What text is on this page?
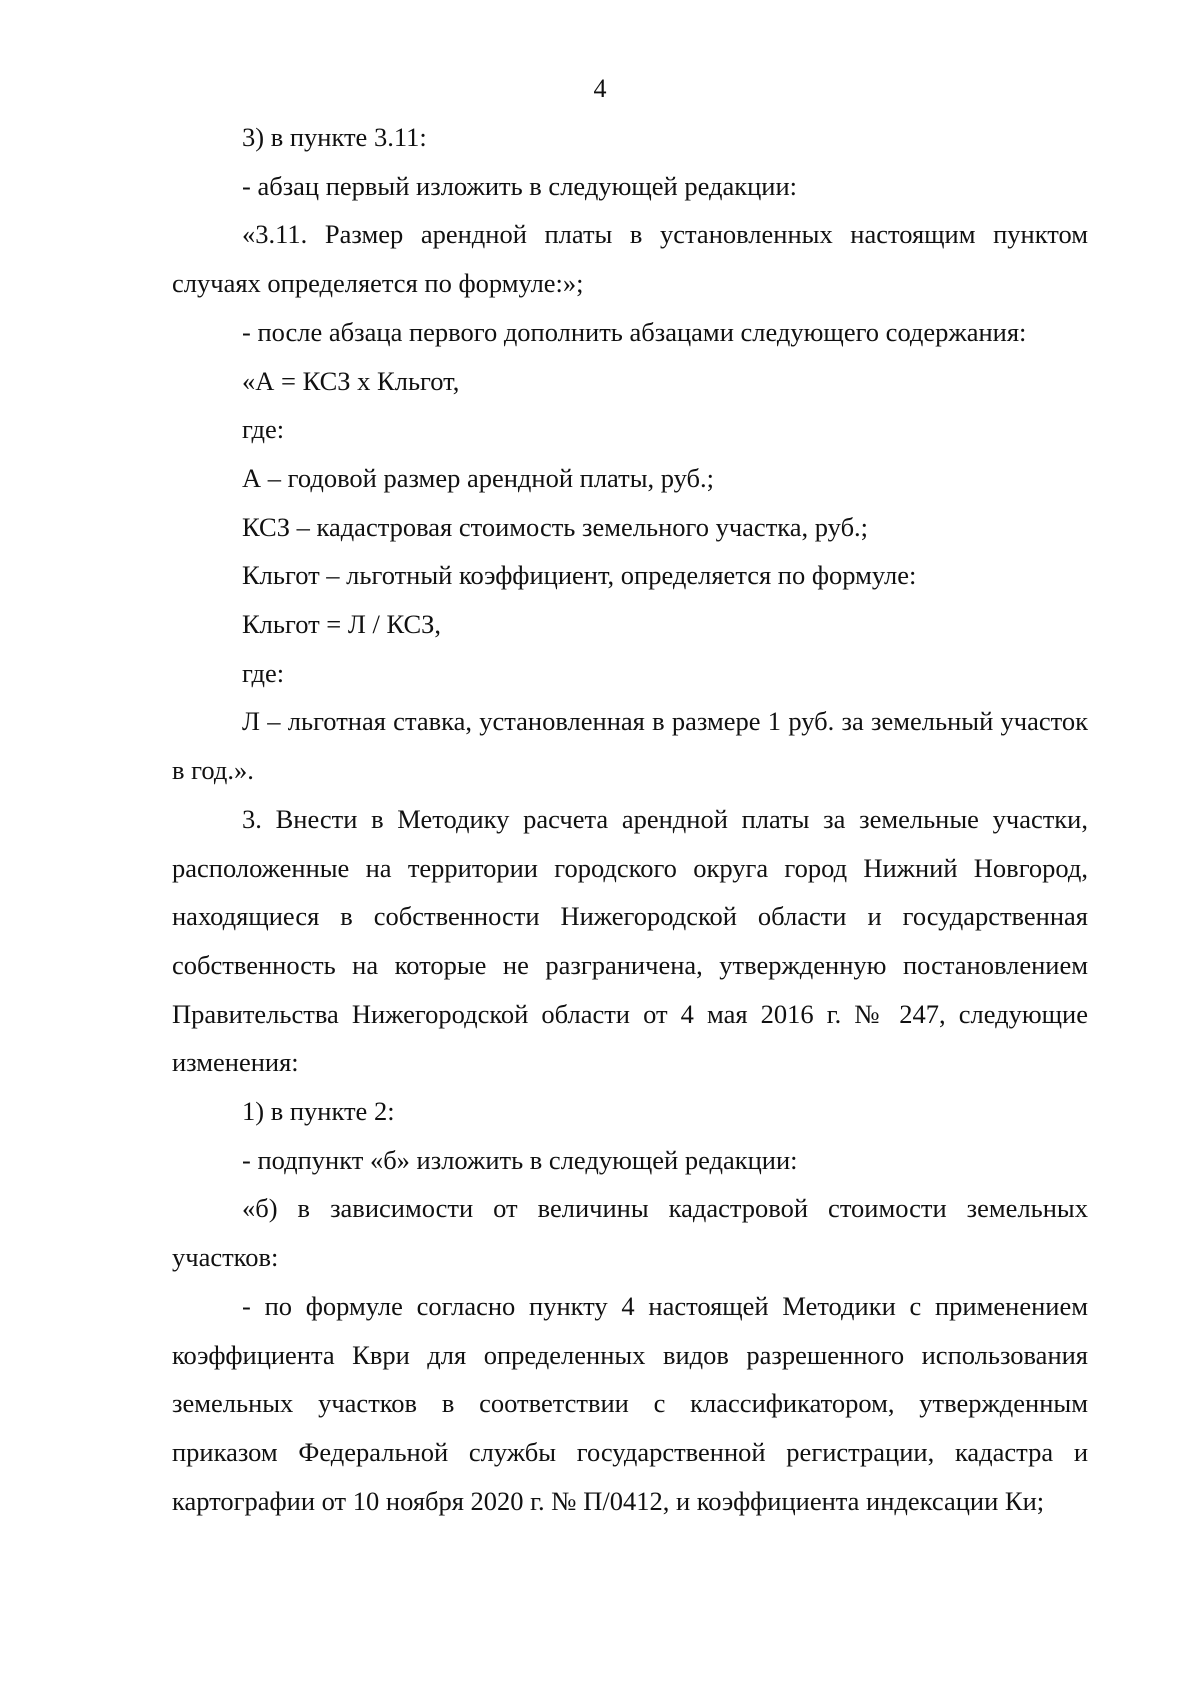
4

3) в пункте 3.11:

- абзац первый изложить в следующей редакции:

«3.11. Размер арендной платы в установленных настоящим пунктом случаях определяется по формуле:»;

- после абзаца первого дополнить абзацами следующего содержания:

«А = КСЗ х Кльгот,

где:

А – годовой размер арендной платы, руб.;

КСЗ – кадастровая стоимость земельного участка, руб.;

Кльгот – льготный коэффициент, определяется по формуле:

Кльгот = Л / КСЗ,

где:

Л – льготная ставка, установленная в размере 1 руб. за земельный участок в год.».

3. Внести в Методику расчета арендной платы за земельные участки, расположенные на территории городского округа город Нижний Новгород, находящиеся в собственности Нижегородской области и государственная собственность на которые не разграничена, утвержденную постановлением Правительства Нижегородской области от 4 мая 2016 г. № 247, следующие изменения:

1) в пункте 2:

- подпункт «б» изложить в следующей редакции:

«б) в зависимости от величины кадастровой стоимости земельных участков:

- по формуле согласно пункту 4 настоящей Методики с применением коэффициента Кври для определенных видов разрешенного использования земельных участков в соответствии с классификатором, утвержденным приказом Федеральной службы государственной регистрации, кадастра и картографии от 10 ноября 2020 г. № П/0412, и коэффициента индексации Ки;
